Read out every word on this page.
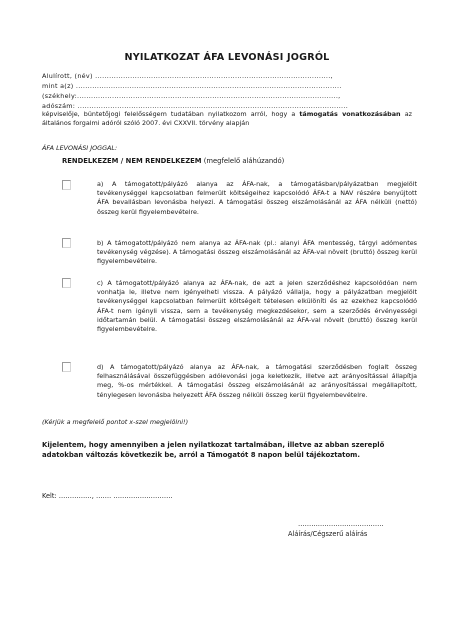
NYILATKOZAT ÁFA LEVONÁSI JOGRÓL
Alulírott, (név) .....................................................................................................,
mint a(z) ..................................................................................................................
(székhely:................................................................................................................,
adószám: ....................................................................................................................
képviselője, büntetőjogi felelősségem tudatában nyilatkozom arról, hogy a támogatás vonatkozásában az általános forgalmi adóról szóló 2007. évi CXXVII. törvény alapján
ÁFA LEVONÁSI JOGGAL:
RENDELKEZEM / NEM RENDELKEZEM (megfelelő aláhúzandó)
a) A támogatott/pályázó alanya az ÁFA-nak, a támogatásban/pályázatban megjelölt tevékenységgel kapcsolatban felmerült költségeihez kapcsolódó ÁFA-t a NAV részére benyújtott ÁFA bevallásban levonásba helyezi. A támogatási összeg elszámolásánál az ÁFA nélküli (nettó) összeg kerül figyelembevételre.
b) A támogatott/pályázó nem alanya az ÁFA-nak (pl.: alanyi ÁFA mentesség, tárgyi adómentes tevékenység végzése). A támogatási összeg elszámolásánál az ÁFA-val növelt (bruttó) összeg kerül figyelembevételre.
c) A támogatott/pályázó alanya az ÁFA-nak, de azt a jelen szerződéshez kapcsolódóan nem vonhatja le, illetve nem igényelheti vissza. A pályázó vállalja, hogy a pályázatban megjelölt tevékenységgel kapcsolatban felmerült költségeit tételesen elkülöníti és az ezekhez kapcsolódó ÁFA-t nem igényli vissza, sem a tevékenység megkezdésekor, sem a szerződés érvényességi időtartamán belül. A támogatási összeg elszámolásánál az ÁFA-val növelt (bruttó) összeg kerül figyelembevételre.
d) A támogatott/pályázó alanya az ÁFA-nak, a támogatási szerződésben foglalt összeg felhasználásával összefüggésben adólevonási joga keletkezik, illetve azt arányosítással állapítja meg, %-os mértékkel. A támogatási összeg elszámolásánál az arányosítással megállapított, ténylegesen levonásba helyezett ÁFA összeg nélküli összeg kerül figyelembevételre.
(Kérjük a megfelelő pontot x-szel megjelölni!)
Kijelentem, hogy amennyiben a jelen nyilatkozat tartalmában, illetve az abban szereplő adatokban változás következik be, arról a Támogatót 8 napon belül tájékoztatom.
Kelt: ……………, ……. ………………………
…………………………………
Aláírás/Cégszerű aláírás
